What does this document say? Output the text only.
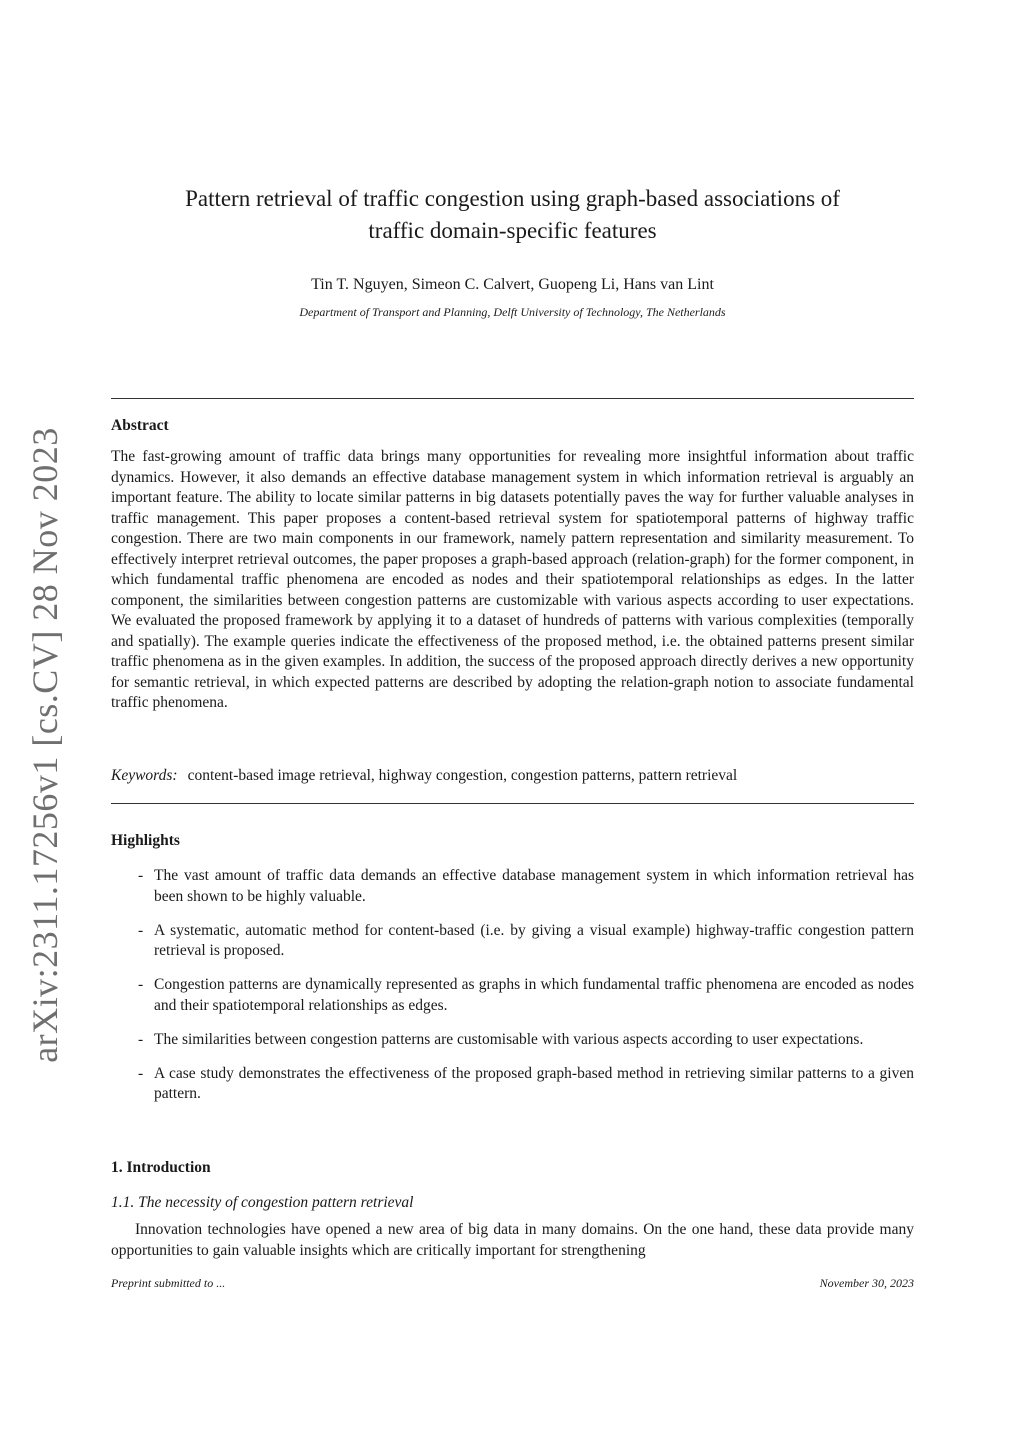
arXiv:2311.17256v1 [cs.CV] 28 Nov 2023
Pattern retrieval of traffic congestion using graph-based associations of
traffic domain-specific features
Tin T. Nguyen, Simeon C. Calvert, Guopeng Li, Hans van Lint
Department of Transport and Planning, Delft University of Technology, The Netherlands
Abstract

The fast-growing amount of traffic data brings many opportunities for revealing more insightful information about traffic dynamics. However, it also demands an effective database management system in which information retrieval is arguably an important feature. The ability to locate similar patterns in big datasets potentially paves the way for further valuable analyses in traffic management. This paper proposes a content-based retrieval system for spatiotemporal patterns of highway traffic congestion. There are two main components in our framework, namely pattern representation and similarity measurement. To effectively interpret retrieval outcomes, the paper proposes a graph-based approach (relation-graph) for the former component, in which fundamental traffic phenomena are encoded as nodes and their spatiotemporal relationships as edges. In the latter component, the similarities between congestion patterns are customizable with various aspects according to user expectations. We evaluated the proposed framework by applying it to a dataset of hundreds of patterns with various complexities (temporally and spatially). The example queries indicate the effectiveness of the proposed method, i.e. the obtained patterns present similar traffic phenomena as in the given examples. In addition, the success of the proposed approach directly derives a new opportunity for semantic retrieval, in which expected patterns are described by adopting the relation-graph notion to associate fundamental traffic phenomena.

Keywords: content-based image retrieval, highway congestion, congestion patterns, pattern retrieval
Highlights
- The vast amount of traffic data demands an effective database management system in which information retrieval has been shown to be highly valuable.
- A systematic, automatic method for content-based (i.e. by giving a visual example) highway-traffic congestion pattern retrieval is proposed.
- Congestion patterns are dynamically represented as graphs in which fundamental traffic phenomena are encoded as nodes and their spatiotemporal relationships as edges.
- The similarities between congestion patterns are customisable with various aspects according to user expectations.
- A case study demonstrates the effectiveness of the proposed graph-based method in retrieving similar patterns to a given pattern.
1. Introduction
1.1. The necessity of congestion pattern retrieval

Innovation technologies have opened a new area of big data in many domains. On the one hand, these data provide many opportunities to gain valuable insights which are critically important for strengthening

Preprint submitted to ...	November 30, 2023
